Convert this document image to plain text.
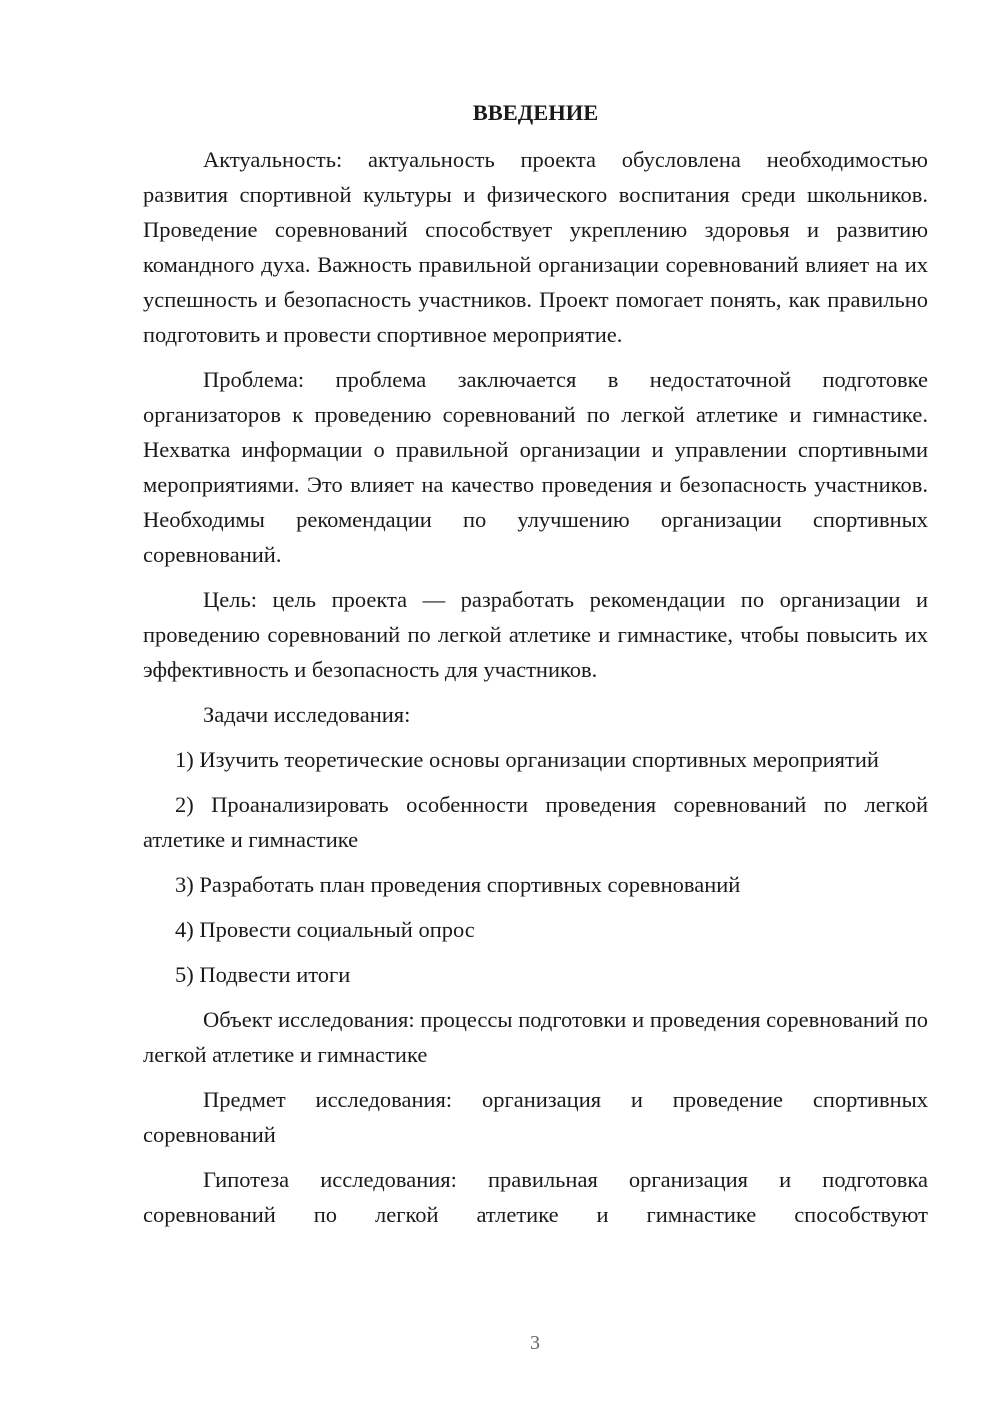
ВВЕДЕНИЕ

Актуальность: актуальность проекта обусловлена необходимостью развития спортивной культуры и физического воспитания среди школьников. Проведение соревнований способствует укреплению здоровья и развитию командного духа. Важность правильной организации соревнований влияет на их успешность и безопасность участников. Проект помогает понять, как правильно подготовить и провести спортивное мероприятие.

Проблема: проблема заключается в недостаточной подготовке организаторов к проведению соревнований по легкой атлетике и гимнастике. Нехватка информации о правильной организации и управлении спортивными мероприятиями. Это влияет на качество проведения и безопасность участников. Необходимы рекомендации по улучшению организации спортивных соревнований.

Цель: цель проекта — разработать рекомендации по организации и проведению соревнований по легкой атлетике и гимнастике, чтобы повысить их эффективность и безопасность для участников.

Задачи исследования:

1) Изучить теоретические основы организации спортивных мероприятий

2) Проанализировать особенности проведения соревнований по легкой атлетике и гимнастике

3) Разработать план проведения спортивных соревнований

4) Провести социальный опрос

5) Подвести итоги

Объект исследования: процессы подготовки и проведения соревнований по легкой атлетике и гимнастике

Предмет исследования: организация и проведение спортивных соревнований

Гипотеза исследования: правильная организация и подготовка соревнований по легкой атлетике и гимнастике способствуют

3
